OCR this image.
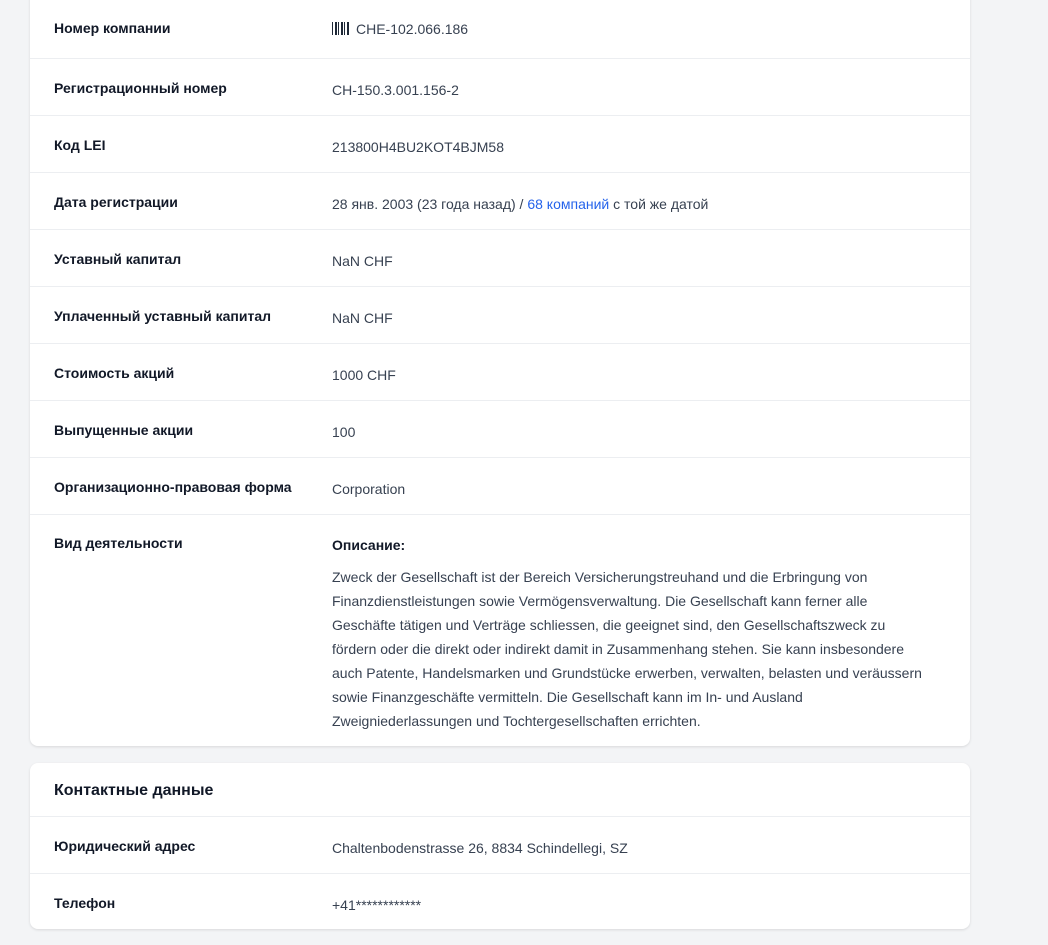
Номер компании	CHE-102.066.186
Регистрационный номер	CH-150.3.001.156-2
Код LEI	213800H4BU2KOT4BJM58
Дата регистрации	28 янв. 2003 (23 года назад) / 68 компаний с той же датой
Уставный капитал	NaN CHF
Уплаченный уставный капитал	NaN CHF
Стоимость акций	1000 CHF
Выпущенные акции	100
Организационно-правовая форма	Corporation
Вид деятельности	Описание:
Zweck der Gesellschaft ist der Bereich Versicherungstreuhand und die Erbringung von Finanzdienstleistungen sowie Vermögensverwaltung. Die Gesellschaft kann ferner alle Geschäfte tätigen und Verträge schliessen, die geeignet sind, den Gesellschaftszweck zu fördern oder die direkt oder indirekt damit in Zusammenhang stehen. Sie kann insbesondere auch Patente, Handelsmarken und Grundstücke erwerben, verwalten, belasten und veräussern sowie Finanzgeschäfte vermitteln. Die Gesellschaft kann im In- und Ausland Zweigniederlassungen und Tochtergesellschaften errichten.
Контактные данные
Юридический адрес	Chaltenbodenstrasse 26, 8834 Schindellegi, SZ
Телефон	+41************
